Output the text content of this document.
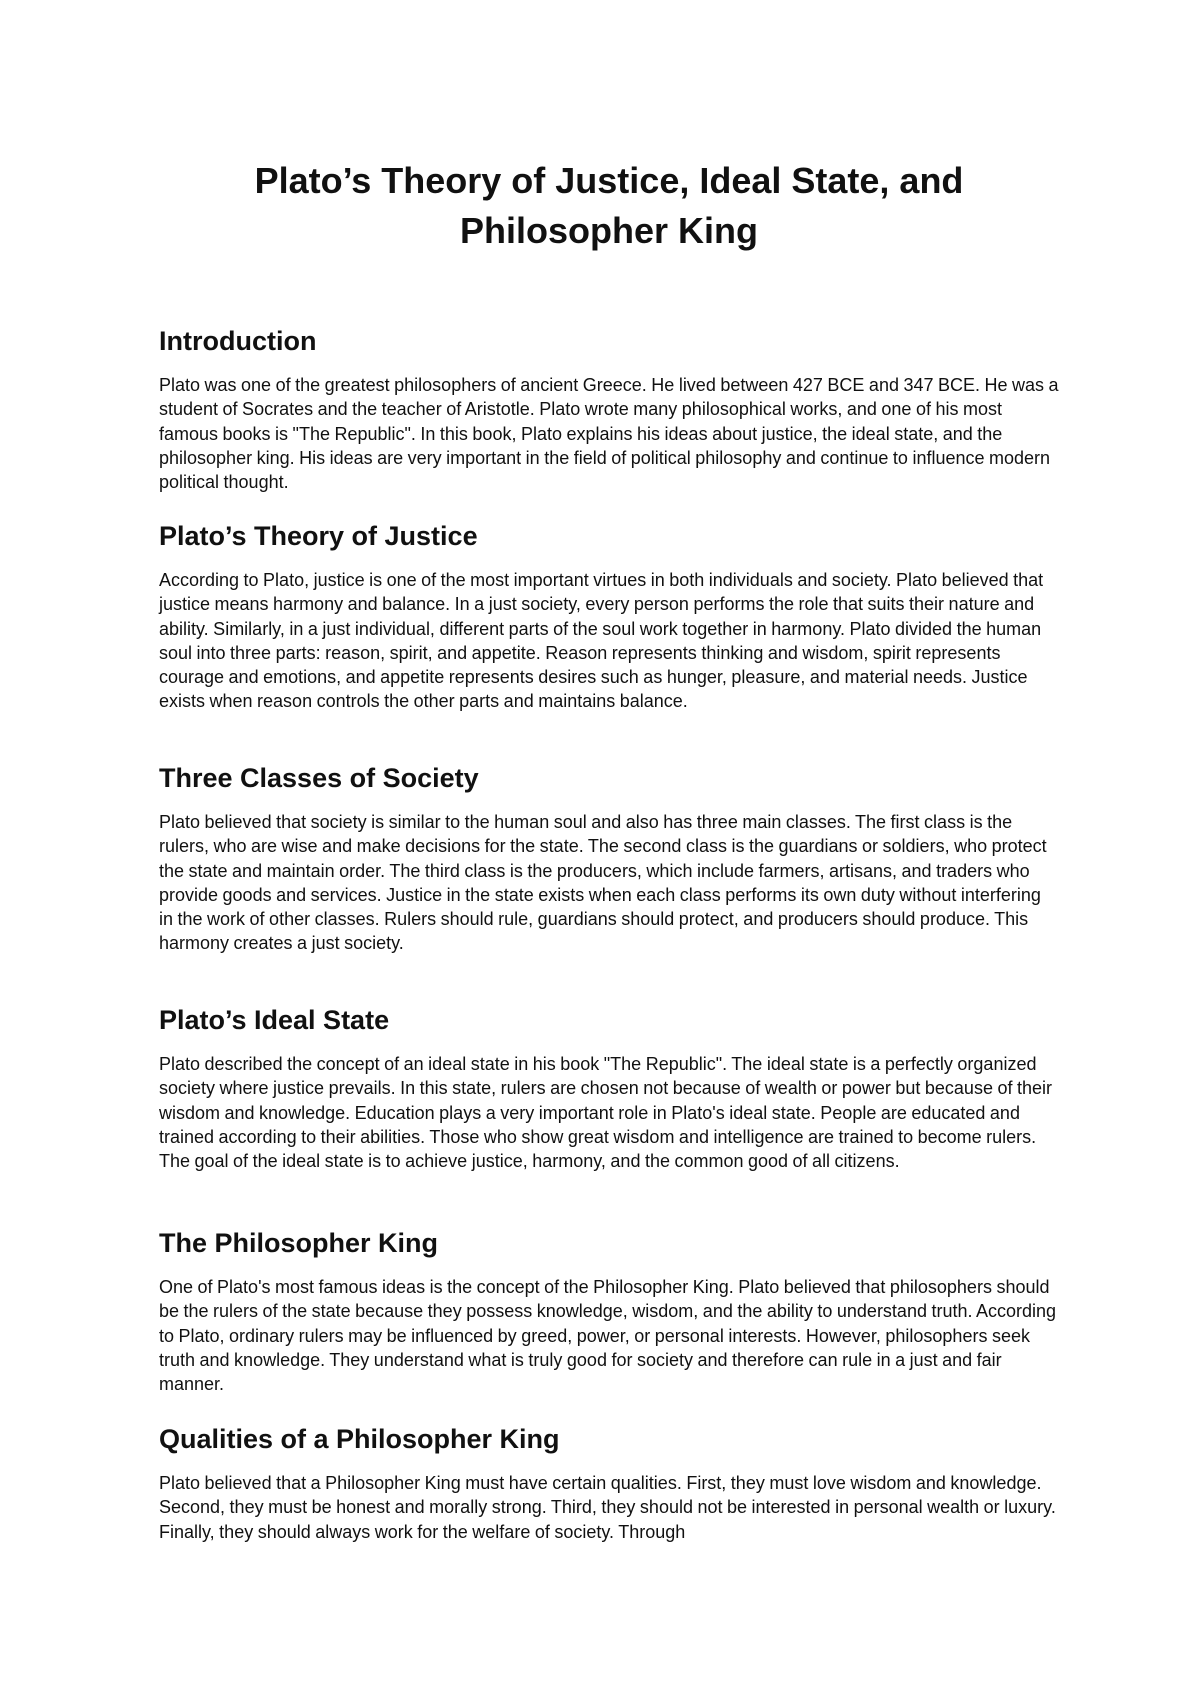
Plato’s Theory of Justice, Ideal State, and Philosopher King
Introduction

Plato was one of the greatest philosophers of ancient Greece. He lived between 427 BCE and 347 BCE. He was a student of Socrates and the teacher of Aristotle. Plato wrote many philosophical works, and one of his most famous books is "The Republic". In this book, Plato explains his ideas about justice, the ideal state, and the philosopher king. His ideas are very important in the field of political philosophy and continue to influence modern political thought.

Plato’s Theory of Justice

According to Plato, justice is one of the most important virtues in both individuals and society. Plato believed that justice means harmony and balance. In a just society, every person performs the role that suits their nature and ability. Similarly, in a just individual, different parts of the soul work together in harmony. Plato divided the human soul into three parts: reason, spirit, and appetite. Reason represents thinking and wisdom, spirit represents courage and emotions, and appetite represents desires such as hunger, pleasure, and material needs. Justice exists when reason controls the other parts and maintains balance.

Three Classes of Society

Plato believed that society is similar to the human soul and also has three main classes. The first class is the rulers, who are wise and make decisions for the state. The second class is the guardians or soldiers, who protect the state and maintain order. The third class is the producers, which include farmers, artisans, and traders who provide goods and services. Justice in the state exists when each class performs its own duty without interfering in the work of other classes. Rulers should rule, guardians should protect, and producers should produce. This harmony creates a just society.

Plato’s Ideal State

Plato described the concept of an ideal state in his book "The Republic". The ideal state is a perfectly organized society where justice prevails. In this state, rulers are chosen not because of wealth or power but because of their wisdom and knowledge. Education plays a very important role in Plato's ideal state. People are educated and trained according to their abilities. Those who show great wisdom and intelligence are trained to become rulers. The goal of the ideal state is to achieve justice, harmony, and the common good of all citizens.

The Philosopher King

One of Plato's most famous ideas is the concept of the Philosopher King. Plato believed that philosophers should be the rulers of the state because they possess knowledge, wisdom, and the ability to understand truth. According to Plato, ordinary rulers may be influenced by greed, power, or personal interests. However, philosophers seek truth and knowledge. They understand what is truly good for society and therefore can rule in a just and fair manner.

Qualities of a Philosopher King

Plato believed that a Philosopher King must have certain qualities. First, they must love wisdom and knowledge. Second, they must be honest and morally strong. Third, they should not be interested in personal wealth or luxury. Finally, they should always work for the welfare of society. Through
